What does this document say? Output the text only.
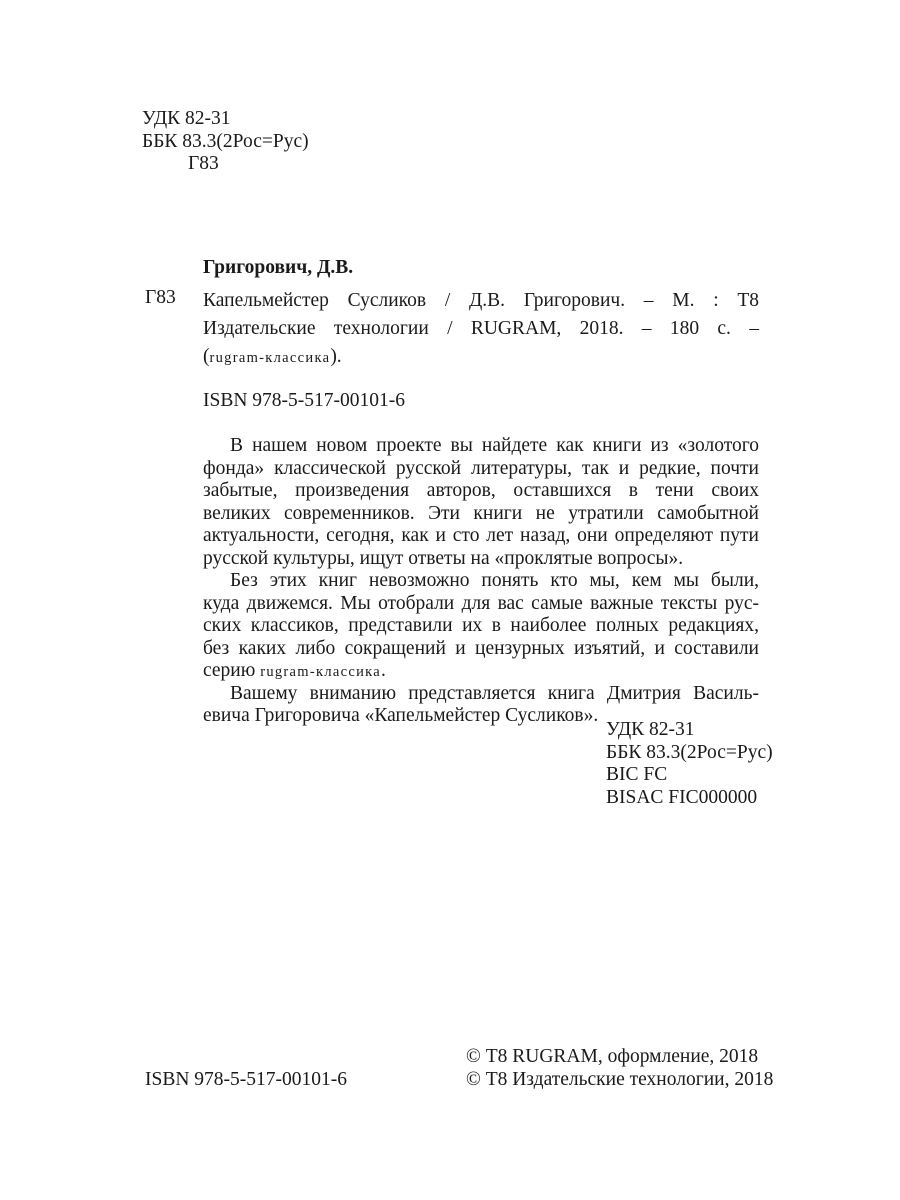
УДК 82-31
ББК 83.3(2Рос=Рус)
Г83
Григорович, Д.В.
Г83 Капельмейстер Сусликов / Д.В. Григорович. – М. : Т8
Издательские технологии / RUGRAM, 2018. – 180 с. –
(rugram-классика).
ISBN 978-5-517-00101-6

В нашем новом проекте вы найдете как книги из «золотого
фонда» классической русской литературы, так и редкие, почти
забытые, произведения авторов, оставшихся в тени своих
великих современников. Эти книги не утратили самобытной
актуальности, сегодня, как и сто лет назад, они определяют пути
русской культуры, ищут ответы на «проклятые вопросы».

Без этих книг невозможно понять кто мы, кем мы были,
куда движемся. Мы отобрали для вас самые важные тексты рус-
ских классиков, представили их в наиболее полных редакциях,
без каких либо сокращений и цензурных изъятий, и составили
серию rugram-классика.

Вашему вниманию представляется книга Дмитрия Василь-
евича Григоровича «Капельмейстер Сусликов».

УДК 82-31
ББК 83.3(2Рос=Рус)
BIC FC
BISAC FIC000000
ISBN 978-5-517-00101-6
© Т8 RUGRAM, оформление, 2018
© Т8 Издательские технологии, 2018
